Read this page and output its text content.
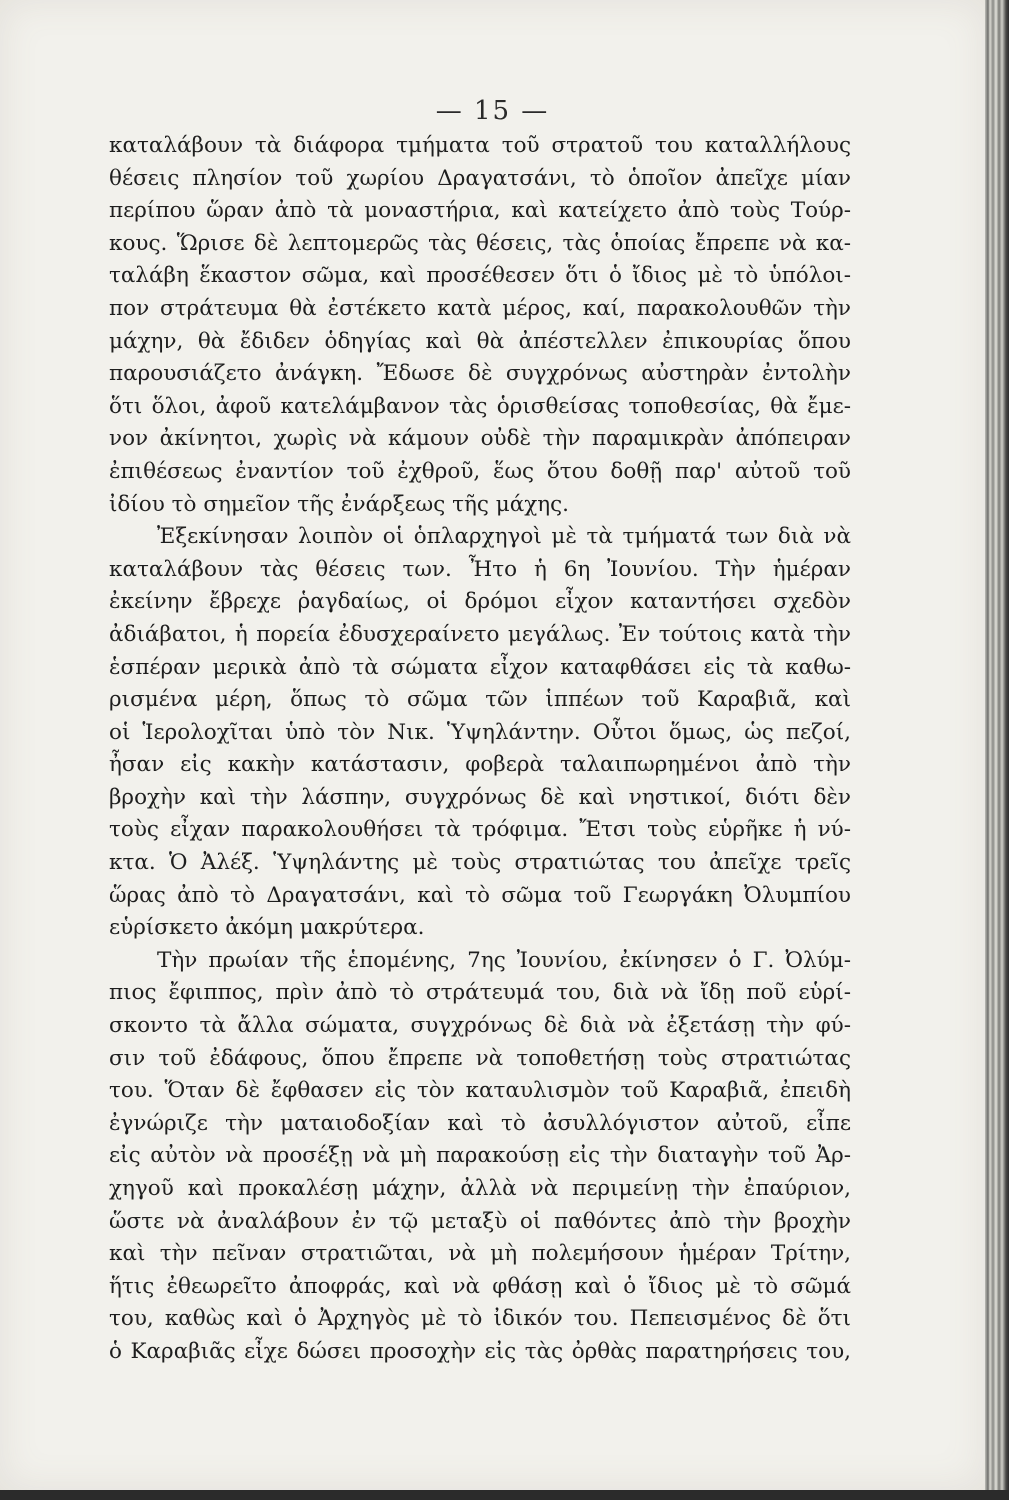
— 15 —

καταλάβουν τὰ διάφορα τμήματα τοῦ στρατοῦ του καταλλήλους
θέσεις πλησίον τοῦ χωρίου Δραγατσάνι, τὸ ὁποῖον ἀπεῖχε μίαν
περίπου ὥραν ἀπὸ τὰ μοναστήρια, καὶ κατείχετο ἀπὸ τοὺς Τούρ-
κους. Ὥρισε δὲ λεπτομερῶς τὰς θέσεις, τὰς ὁποίας ἔπρεπε νὰ κα-
ταλάβη ἕκαστον σῶμα, καὶ προσέθεσεν ὅτι ὁ ἴδιος μὲ τὸ ὑπόλοι-
πον στράτευμα θὰ ἐστέκετο κατὰ μέρος, καί, παρακολουθῶν τὴν
μάχην, θὰ ἔδιδεν ὁδηγίας καὶ θὰ ἀπέστελλεν ἐπικουρίας ὅπου
παρουσιάζετο ἀνάγκη. Ἔδωσε δὲ συγχρόνως αὐστηρὰν ἐντολὴν
ὅτι ὅλοι, ἀφοῦ κατελάμβανον τὰς ὁρισθείσας τοποθεσίας, θὰ ἔμε-
νον ἀκίνητοι, χωρὶς νὰ κάμουν οὐδὲ τὴν παραμικρὰν ἀπόπειραν
ἐπιθέσεως ἐναντίον τοῦ ἐχθροῦ, ἕως ὅτου δοθῇ παρ' αὐτοῦ τοῦ
ἰδίου τὸ σημεῖον τῆς ἐνάρξεως τῆς μάχης.

Ἐξεκίνησαν λοιπὸν οἱ ὁπλαρχηγοὶ μὲ τὰ τμήματά των διὰ νὰ
καταλάβουν τὰς θέσεις των. Ἦτο ἡ 6η Ἰουνίου. Τὴν ἡμέραν
ἐκείνην ἔβρεχε ῥαγδαίως, οἱ δρόμοι εἶχον καταντήσει σχεδὸν
ἀδιάβατοι, ἡ πορεία ἐδυσχεραίνετο μεγάλως. Ἐν τούτοις κατὰ τὴν
ἑσπέραν μερικὰ ἀπὸ τὰ σώματα εἶχον καταφθάσει εἰς τὰ καθω-
ρισμένα μέρη, ὅπως τὸ σῶμα τῶν ἱππέων τοῦ Καραβιᾶ, καὶ
οἱ Ἱερολοχῖται ὑπὸ τὸν Νικ. Ὑψηλάντην. Οὗτοι ὅμως, ὡς πεζοί,
ἦσαν εἰς κακὴν κατάστασιν, φοβερὰ ταλαιπωρημένοι ἀπὸ τὴν
βροχὴν καὶ τὴν λάσπην, συγχρόνως δὲ καὶ νηστικοί, διότι δὲν
τοὺς εἶχαν παρακολουθήσει τὰ τρόφιμα. Ἔτσι τοὺς εὑρῆκε ἡ νύ-
κτα. Ὁ Ἀλέξ. Ὑψηλάντης μὲ τοὺς στρατιώτας του ἀπεῖχε τρεῖς
ὥρας ἀπὸ τὸ Δραγατσάνι, καὶ τὸ σῶμα τοῦ Γεωργάκη Ὀλυμπίου
εὑρίσκετο ἀκόμη μακρύτερα.

Τὴν πρωίαν τῆς ἑπομένης, 7ης Ἰουνίου, ἐκίνησεν ὁ Γ. Ὀλύμ-
πιος ἔφιππος, πρὶν ἀπὸ τὸ στράτευμά του, διὰ νὰ ἴδῃ ποῦ εὑρί-
σκοντο τὰ ἄλλα σώματα, συγχρόνως δὲ διὰ νὰ ἐξετάσῃ τὴν φύ-
σιν τοῦ ἐδάφους, ὅπου ἔπρεπε νὰ τοποθετήσῃ τοὺς στρατιώτας
του. Ὅταν δὲ ἔφθασεν εἰς τὸν καταυλισμὸν τοῦ Καραβιᾶ, ἐπειδὴ
ἐγνώριζε τὴν ματαιοδοξίαν καὶ τὸ ἀσυλλόγιστον αὐτοῦ, εἶπε
εἰς αὐτὸν νὰ προσέξῃ νὰ μὴ παρακούσῃ εἰς τὴν διαταγὴν τοῦ Ἀρ-
χηγοῦ καὶ προκαλέσῃ μάχην, ἀλλὰ νὰ περιμείνῃ τὴν ἐπαύριον,
ὥστε νὰ ἀναλάβουν ἐν τῷ μεταξὺ οἱ παθόντες ἀπὸ τὴν βροχὴν
καὶ τὴν πεῖναν στρατιῶται, νὰ μὴ πολεμήσουν ἡμέραν Τρίτην,
ἥτις ἐθεωρεῖτο ἀποφράς, καὶ νὰ φθάσῃ καὶ ὁ ἴδιος μὲ τὸ σῶμά
του, καθὼς καὶ ὁ Ἀρχηγὸς μὲ τὸ ἰδικόν του. Πεπεισμένος δὲ ὅτι
ὁ Καραβιᾶς εἶχε δώσει προσοχὴν εἰς τὰς ὀρθὰς παρατηρήσεις του,
